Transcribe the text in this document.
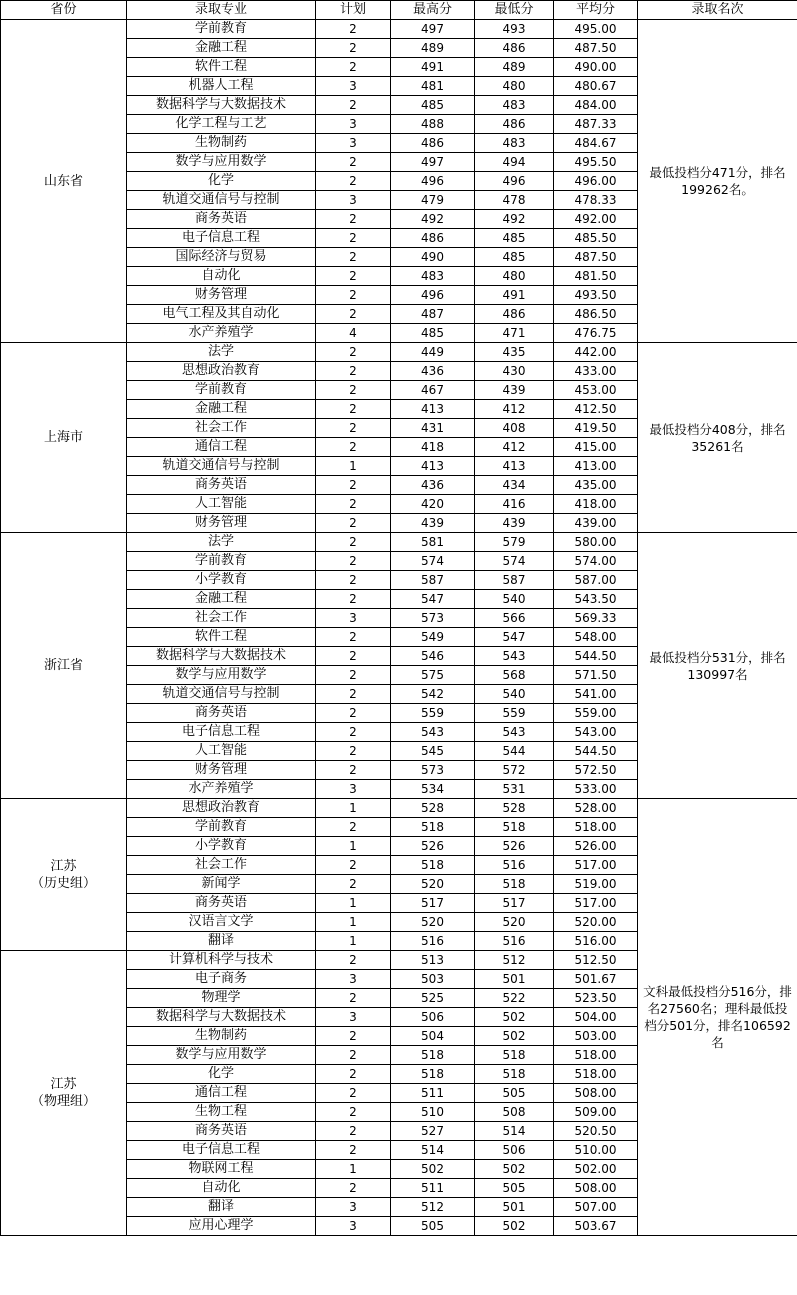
省份	录取专业	计划	最高分	最低分	平均分	录取名次
山东省	学前教育	2	497	493	495.00	最低投档分471分，排名199262名。
	金融工程	2	489	486	487.50	
	软件工程	2	491	489	490.00	
	机器人工程	3	481	480	480.67	
	数据科学与大数据技术	2	485	483	484.00	
	化学工程与工艺	3	488	486	487.33	
	生物制药	3	486	483	484.67	
	数学与应用数学	2	497	494	495.50	
	化学	2	496	496	496.00	
	轨道交通信号与控制	3	479	478	478.33	
	商务英语	2	492	492	492.00	
	电子信息工程	2	486	485	485.50	
	国际经济与贸易	2	490	485	487.50	
	自动化	2	483	480	481.50	
	财务管理	2	496	491	493.50	
	电气工程及其自动化	2	487	486	486.50	
	水产养殖学	4	485	471	476.75	
上海市	法学	2	449	435	442.00	最低投档分408分，排名35261名
	思想政治教育	2	436	430	433.00	
	学前教育	2	467	439	453.00	
	金融工程	2	413	412	412.50	
	社会工作	2	431	408	419.50	
	通信工程	2	418	412	415.00	
	轨道交通信号与控制	1	413	413	413.00	
	商务英语	2	436	434	435.00	
	人工智能	2	420	416	418.00	
	财务管理	2	439	439	439.00	
浙江省	法学	2	581	579	580.00	最低投档分531分，排名130997名
	学前教育	2	574	574	574.00	
	小学教育	2	587	587	587.00	
	金融工程	2	547	540	543.50	
	社会工作	3	573	566	569.33	
	软件工程	2	549	547	548.00	
	数据科学与大数据技术	2	546	543	544.50	
	数学与应用数学	2	575	568	571.50	
	轨道交通信号与控制	2	542	540	541.00	
	商务英语	2	559	559	559.00	
	电子信息工程	2	543	543	543.00	
	人工智能	2	545	544	544.50	
	财务管理	2	573	572	572.50	
	水产养殖学	3	534	531	533.00	
江苏
（历史组）	思想政治教育	1	528	528	528.00	文科最低投档分516分，排名27560名；理科最低投档分501分，排名106592名
	学前教育	2	518	518	518.00	
	小学教育	1	526	526	526.00	
	社会工作	2	518	516	517.00	
	新闻学	2	520	518	519.00	
	商务英语	1	517	517	517.00	
	汉语言文学	1	520	520	520.00	
	翻译	1	516	516	516.00	
江苏
（物理组）	计算机科学与技术	2	513	512	512.50	
	电子商务	3	503	501	501.67	
	物理学	2	525	522	523.50	
	数据科学与大数据技术	3	506	502	504.00	
	生物制药	2	504	502	503.00	
	数学与应用数学	2	518	518	518.00	
	化学	2	518	518	518.00	
	通信工程	2	511	505	508.00	
	生物工程	2	510	508	509.00	
	商务英语	2	527	514	520.50	
	电子信息工程	2	514	506	510.00	
	物联网工程	1	502	502	502.00	
	自动化	2	511	505	508.00	
	翻译	3	512	501	507.00	
	应用心理学	3	505	502	503.67	
